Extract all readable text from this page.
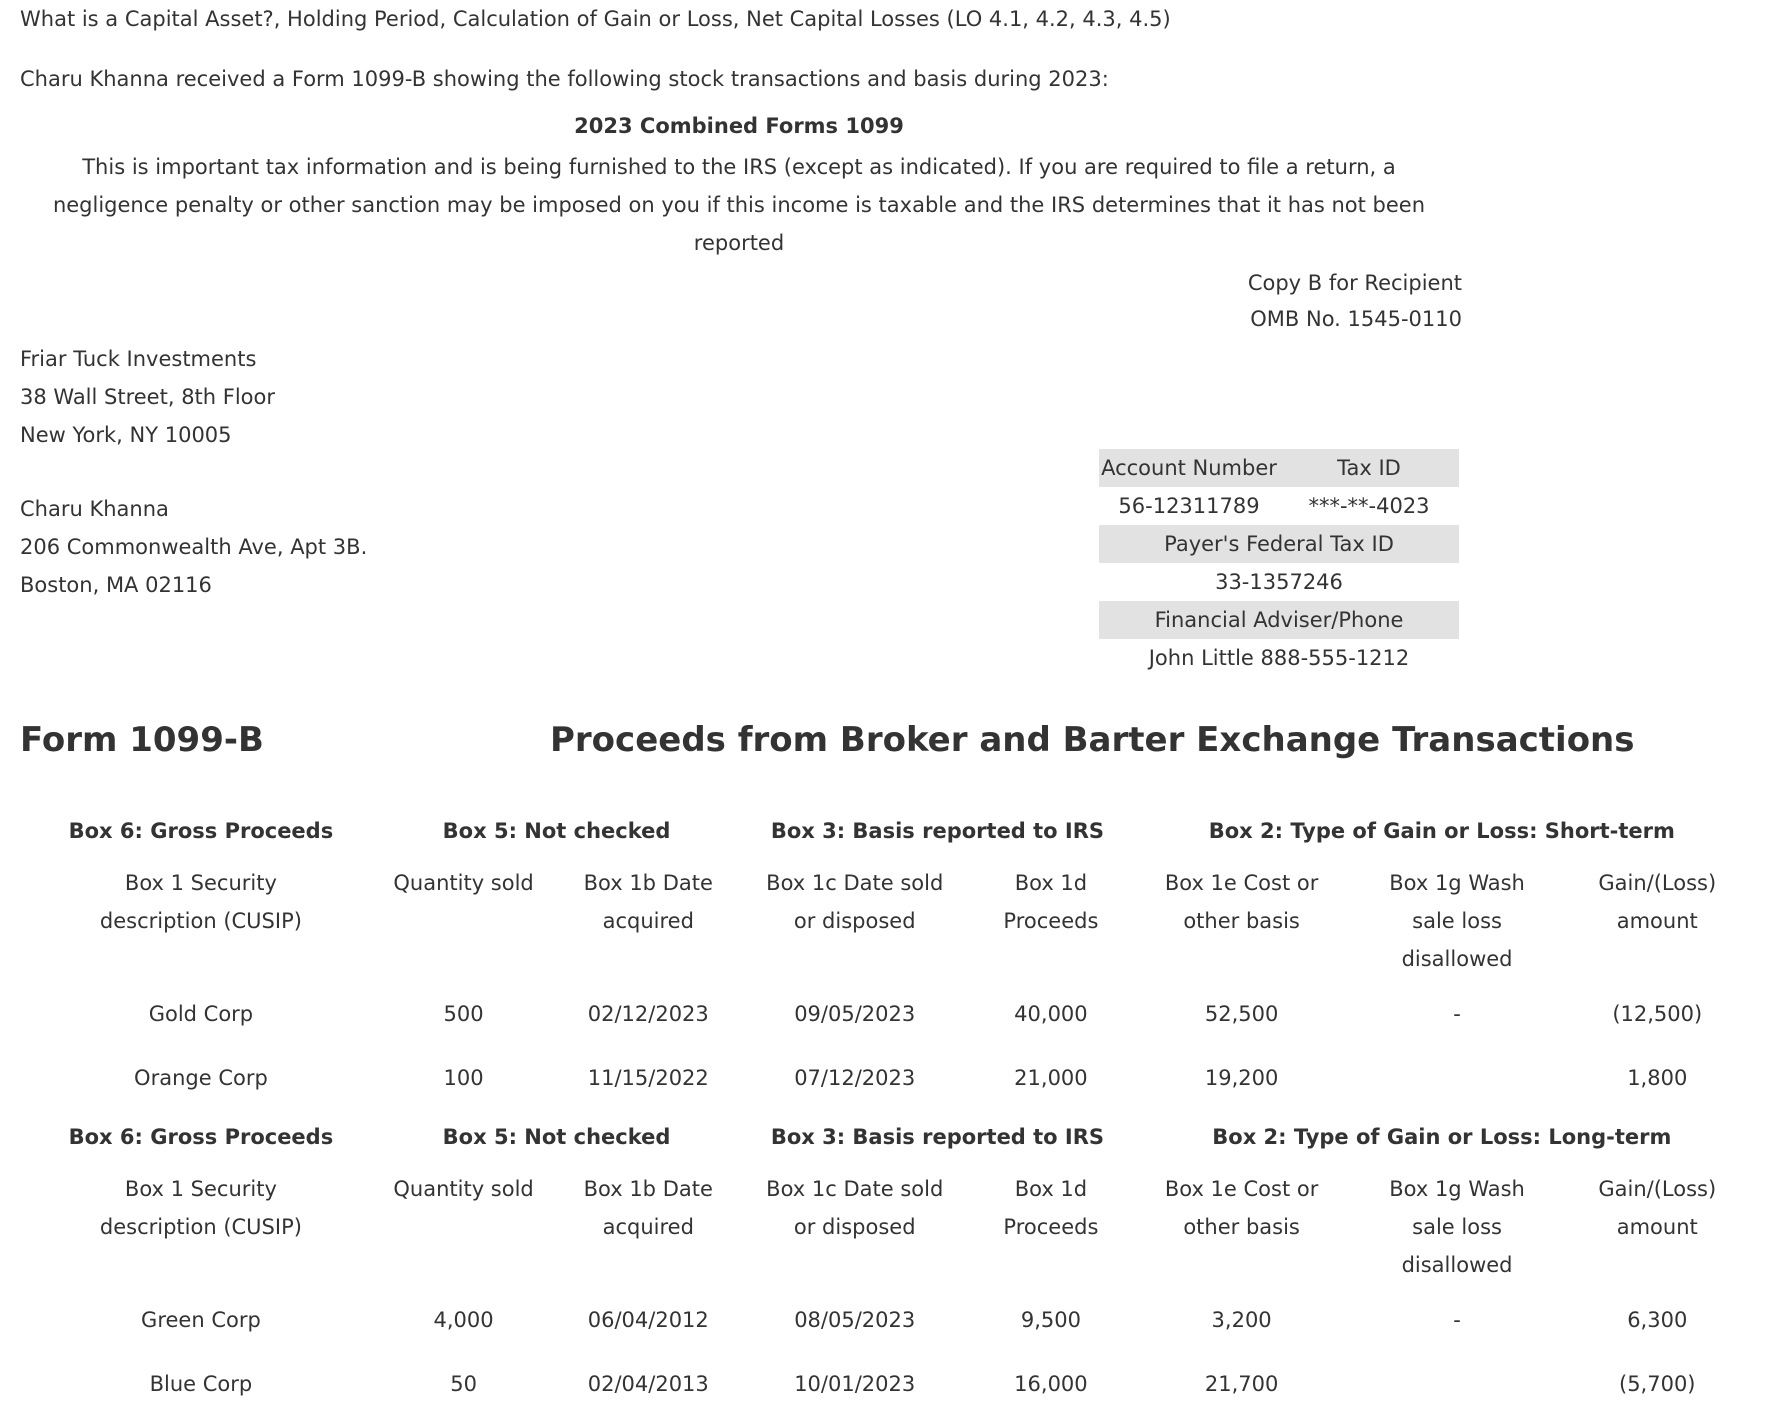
What is a Capital Asset?, Holding Period, Calculation of Gain or Loss, Net Capital Losses (LO 4.1, 4.2, 4.3, 4.5)
Charu Khanna received a Form 1099-B showing the following stock transactions and basis during 2023:
2023 Combined Forms 1099
This is important tax information and is being furnished to the IRS (except as indicated). If you are required to file a return, a negligence penalty or other sanction may be imposed on you if this income is taxable and the IRS determines that it has not been reported
Copy B for Recipient
OMB No. 1545-0110
Friar Tuck Investments
38 Wall Street, 8th Floor
New York, NY 10005
Charu Khanna
206 Commonwealth Ave, Apt 3B.
Boston, MA 02116
Account Number	Tax ID
56-12311789	***-**-4023
Payer's Federal Tax ID
33-1357246
Financial Adviser/Phone
John Little 888-555-1212
Form 1099-B	Proceeds from Broker and Barter Exchange Transactions
Box 6: Gross Proceeds	Box 5: Not checked		Box 3: Basis reported to IRS		Box 2: Type of Gain or Loss: Short-term		
Box 1 Security description (CUSIP)	Quantity sold	Box 1b Date acquired	Box 1c Date sold or disposed	Box 1d Proceeds	Box 1e Cost or other basis	Box 1g Wash sale loss disallowed	Gain/(Loss) amount
Gold Corp	500	02/12/2023	09/05/2023	40,000	52,500	-	(12,500)
Orange Corp	100	11/15/2022	07/12/2023	21,000	19,200		1,800
Box 6: Gross Proceeds	Box 5: Not checked		Box 3: Basis reported to IRS		Box 2: Type of Gain or Loss: Long-term		
Box 1 Security description (CUSIP)	Quantity sold	Box 1b Date acquired	Box 1c Date sold or disposed	Box 1d Proceeds	Box 1e Cost or other basis	Box 1g Wash sale loss disallowed	Gain/(Loss) amount
Green Corp	4,000	06/04/2012	08/05/2023	9,500	3,200	-	6,300
Blue Corp	50	02/04/2013	10/01/2023	16,000	21,700		(5,700)
